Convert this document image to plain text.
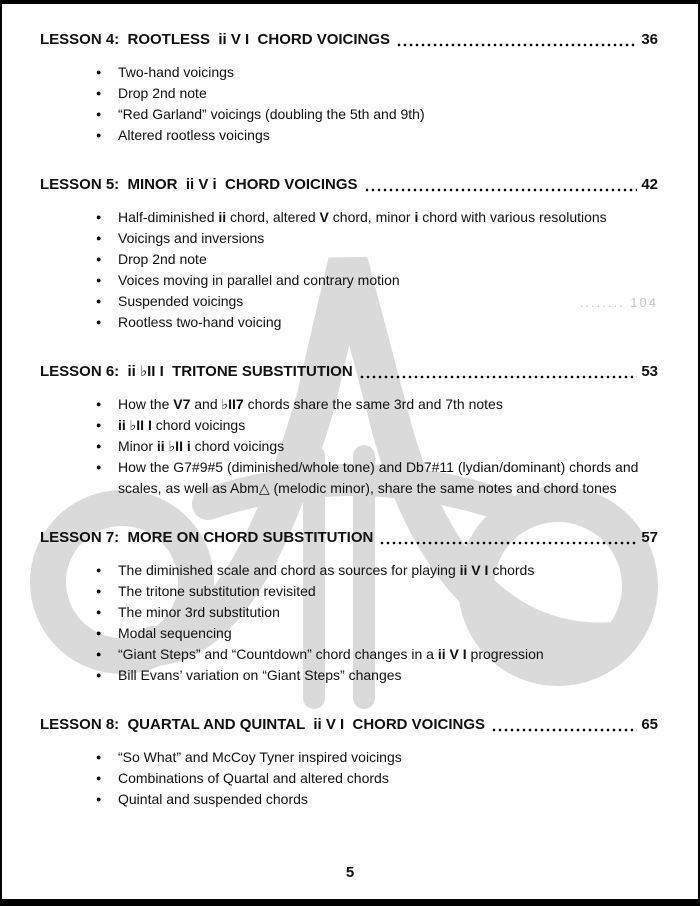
........ 104
LESSON 4:  ROOTLESS  ii V I  CHORD VOICINGS	36
●	Two-hand voicings
●	Drop 2nd note
●	“Red Garland” voicings (doubling the 5th and 9th)
●	Altered rootless voicings
LESSON 5:  MINOR  ii V i  CHORD VOICINGS	42
●	Half-diminished ii chord, altered V chord, minor i chord with various resolutions
●	Voicings and inversions
●	Drop 2nd note
●	Voices moving in parallel and contrary motion
●	Suspended voicings
●	Rootless two-hand voicing
LESSON 6:  ii ♭II I  TRITONE SUBSTITUTION	53
●	How the V7 and ♭II7 chords share the same 3rd and 7th notes
●	ii ♭II I chord voicings
●	Minor ii ♭II i chord voicings
●	How the G7#9#5 (diminished/whole tone) and Db7#11 (lydian/dominant) chords and scales, as well as Abm△ (melodic minor), share the same notes and chord tones
LESSON 7:  MORE ON CHORD SUBSTITUTION	57
●	The diminished scale and chord as sources for playing ii V I chords
●	The tritone substitution revisited
●	The minor 3rd substitution
●	Modal sequencing
●	“Giant Steps” and “Countdown” chord changes in a ii V I progression
●	Bill Evans’ variation on “Giant Steps” changes
LESSON 8:  QUARTAL AND QUINTAL  ii V I  CHORD VOICINGS	65
●	“So What” and McCoy Tyner inspired voicings
●	Combinations of Quartal and altered chords
●	Quintal and suspended chords
5
